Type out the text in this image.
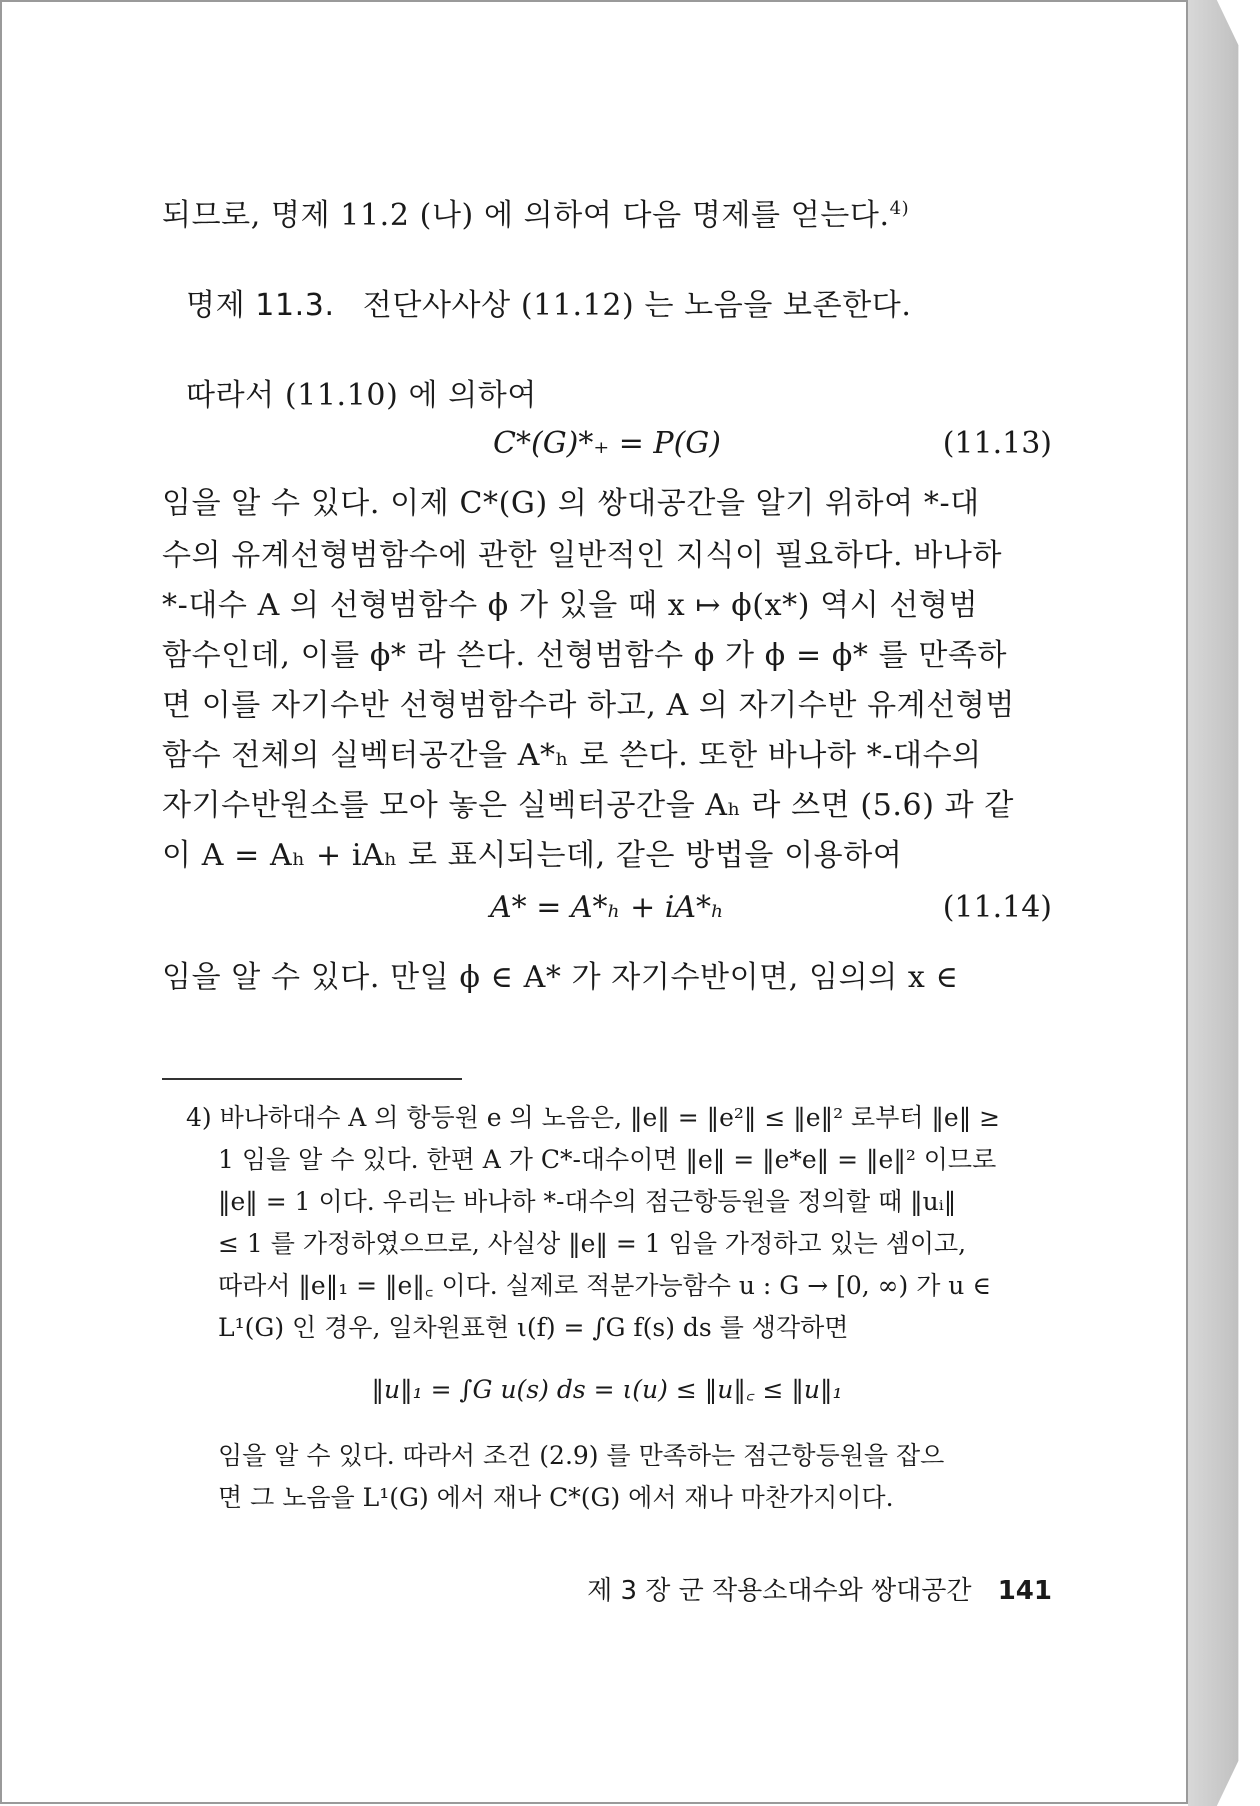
되므로, 명제 11.2 (나) 에 의하여 다음 명제를 얻는다.$^{4)}$
명제 11.3. 전단사사상 (11.12) 는 노음을 보존한다.
따라서 (11.10) 에 의하여
C*(G)*₊ = P(G)	(11.13)
임을 알 수 있다. 이제 C*(G) 의 쌍대공간을 알기 위하여 *-대
수의 유계선형범함수에 관한 일반적인 지식이 필요하다. 바나하
*-대수 A 의 선형범함수 ϕ 가 있을 때 x ↦ ϕ(x*) 역시 선형범
함수인데, 이를 ϕ* 라 쓴다. 선형범함수 ϕ 가 ϕ = ϕ* 를 만족하
면 이를 자기수반 선형범함수라 하고, A 의 자기수반 유계선형범
함수 전체의 실벡터공간을 A*ₕ 로 쓴다. 또한 바나하 *-대수의
자기수반원소를 모아 놓은 실벡터공간을 Aₕ 라 쓰면 (5.6) 과 같
이 A = Aₕ + iAₕ 로 표시되는데, 같은 방법을 이용하여
A* = A*ₕ + iA*ₕ	(11.14)
임을 알 수 있다. 만일 ϕ ∈ A* 가 자기수반이면, 임의의 x ∈
4) 바나하대수 A 의 항등원 e 의 노음은, ‖e‖ = ‖e²‖ ≤ ‖e‖² 로부터 ‖e‖ ≥
1 임을 알 수 있다. 한편 A 가 C*-대수이면 ‖e‖ = ‖e*e‖ = ‖e‖² 이므로
‖e‖ = 1 이다. 우리는 바나하 *-대수의 점근항등원을 정의할 때 ‖uᵢ‖
≤ 1 를 가정하였으므로, 사실상 ‖e‖ = 1 임을 가정하고 있는 셈이고,
따라서 ‖e‖₁ = ‖e‖꜀ 이다. 실제로 적분가능함수 u : G → [0, ∞) 가 u ∈
L¹(G) 인 경우, 일차원표현 ι(f) = ∫G f(s) ds 를 생각하면
‖u‖₁ = ∫G u(s) ds = ι(u) ≤ ‖u‖꜀ ≤ ‖u‖₁
임을 알 수 있다. 따라서 조건 (2.9) 를 만족하는 점근항등원을 잡으
면 그 노음을 L¹(G) 에서 재나 C*(G) 에서 재나 마찬가지이다.
제 3 장 군 작용소대수와 쌍대공간 141
